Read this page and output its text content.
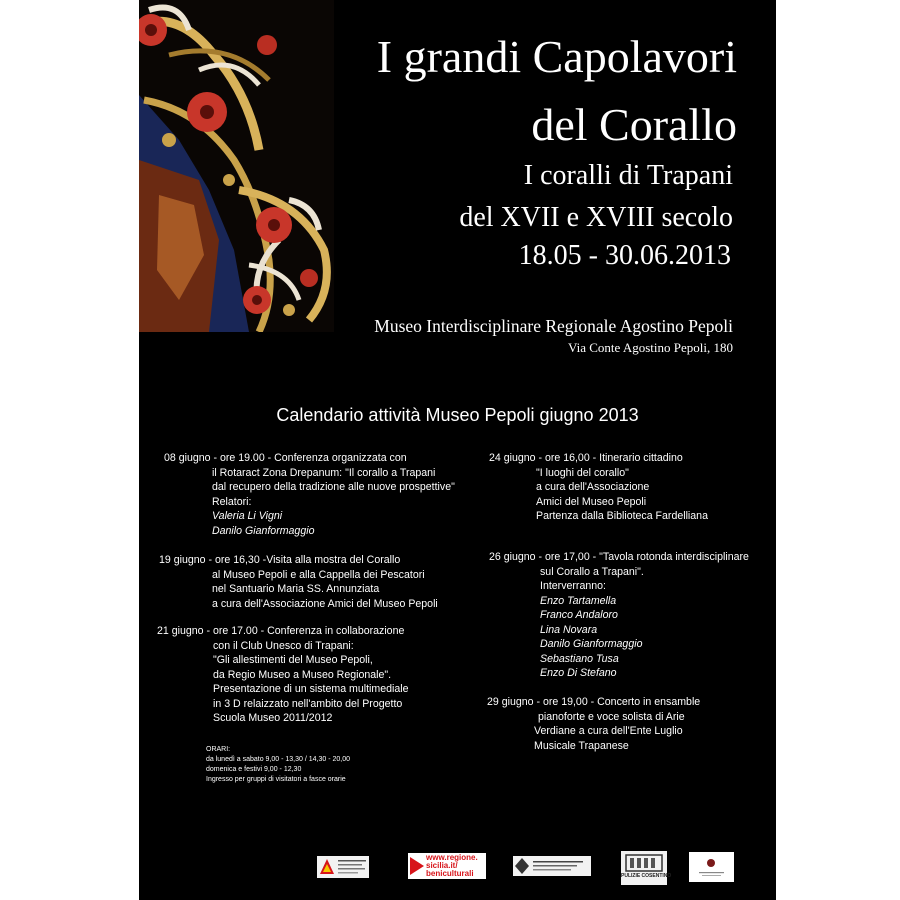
I grandi Capolavori
del Corallo
I coralli di Trapani
del XVII e XVIII secolo
18.05 - 30.06.2013
Museo Interdisciplinare Regionale Agostino Pepoli
Via Conte Agostino Pepoli, 180
Calendario attività Museo Pepoli giugno 2013
08 giugno - ore 19.00 - Conferenza organizzata con
il Rotaract Zona Drepanum: "Il corallo a Trapani
dal recupero della tradizione alle nuove prospettive"
Relatori:
Valeria Li Vigni
Danilo Gianformaggio
19 giugno - ore 16,30 -Visita alla mostra del Corallo
al Museo Pepoli e alla Cappella dei Pescatori
nel Santuario Maria SS. Annunziata
a cura dell'Associazione Amici del Museo Pepoli
21 giugno - ore 17.00 - Conferenza in collaborazione
con il Club Unesco di Trapani:
"Gli allestimenti del Museo Pepoli,
da Regio Museo a Museo Regionale".
Presentazione di un sistema multimediale
in 3 D relaizzato nell'ambito del Progetto
Scuola Museo 2011/2012
24 giugno - ore 16,00 - Itinerario cittadino
"I luoghi del corallo"
a cura dell'Associazione
Amici del Museo Pepoli
Partenza dalla Biblioteca Fardelliana
26 giugno - ore 17,00 - "Tavola rotonda interdisciplinare
sul Corallo a Trapani".
Interverranno:
Enzo Tartamella
Franco Andaloro
Lina Novara
Danilo Gianformaggio
Sebastiano Tusa
Enzo Di Stefano
29 giugno - ore 19,00 - Concerto in ensamble
pianoforte e voce solista di Arie
Verdiane a cura dell'Ente Luglio
Musicale Trapanese
ORARI:
da lunedì a sabato 9,00 - 13,30 / 14,30 - 20,00
domenica e festivi 9,00 - 12,30
Ingresso per gruppi di visitatori a fasce orarie
www.regione.
sicilia.it/
beniculturali	PULIZIE COSENTINO
